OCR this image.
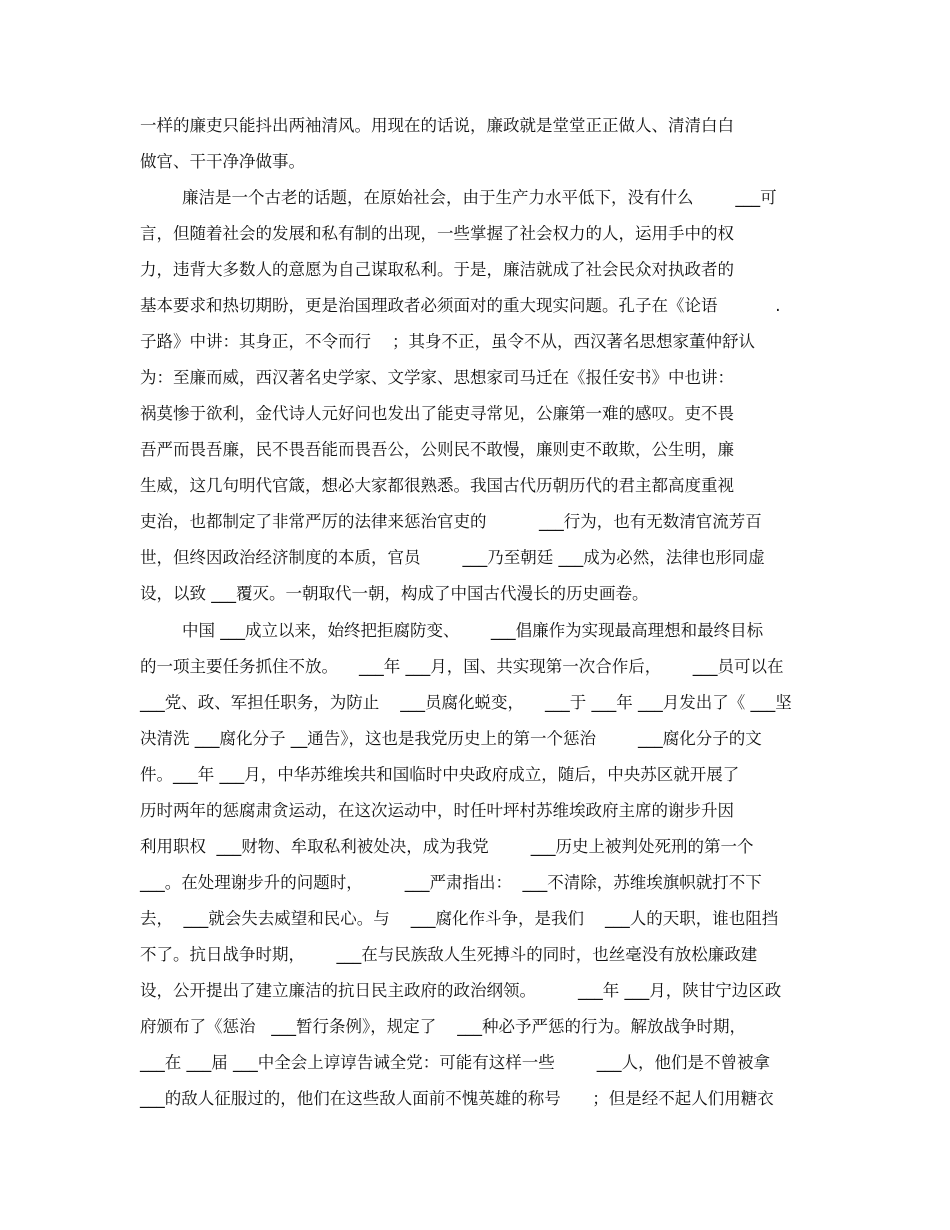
一样的廉吏只能抖出两袖清风。用现在的话说，廉政就是堂堂正正做人、清清白白
做官、干干净净做事。
廉洁是一个古老的话题，在原始社会，由于生产力水平低下，没有什么        ___可
言，但随着社会的发展和私有制的出现，一些掌握了社会权力的人，运用手中的权
力，违背大多数人的意愿为自己谋取私利。于是，廉洁就成了社会民众对执政者的
基本要求和热切期盼，更是治国理政者必须面对的重大现实问题。孔子在《论语           .
子路》中讲：其身正，不令而行    ；其身不正，虽令不从，西汉著名思想家董仲舒认
为：至廉而威，西汉著名史学家、文学家、思想家司马迁在《报任安书》中也讲：
祸莫惨于欲利，金代诗人元好问也发出了能吏寻常见，公廉第一难的感叹。吏不畏
吾严而畏吾廉，民不畏吾能而畏吾公，公则民不敢慢，廉则吏不敢欺，公生明，廉
生威，这几句明代官箴，想必大家都很熟悉。我国古代历朝历代的君主都高度重视
吏治，也都制定了非常严厉的法律来惩治官吏的          ___行为，也有无数清官流芳百
世，但终因政治经济制度的本质，官员        ___乃至朝廷 ___成为必然，法律也形同虚
设，以致 ___覆灭。一朝取代一朝，构成了中国古代漫长的历史画卷。
中国 ___成立以来，始终把拒腐防变、      ___倡廉作为实现最高理想和最终目标
的一项主要任务抓住不放。    ___年 ___月，国、共实现第一次合作后，      ___员可以在
___党、政、军担任职务，为防止    ___员腐化蜕变，    ___于 ___年 ___月发出了《 ___坚
决清洗 ___腐化分子 __通告》，这也是我党历史上的第一个惩治        ___腐化分子的文
件。___年 ___月，中华苏维埃共和国临时中央政府成立，随后，中央苏区就开展了
历时两年的惩腐肃贪运动，在这次运动中，时任叶坪村苏维埃政府主席的谢步升因
利用职权  ___财物、牟取私利被处决，成为我党        ___历史上被判处死刑的第一个
___。在处理谢步升的问题时，        ___严肃指出：  ___不清除，苏维埃旗帜就打不下
去，  ___就会失去威望和民心。与    ___腐化作斗争，是我们    ___人的天职，谁也阻挡
不了。抗日战争时期，      ___在与民族敌人生死搏斗的同时，也丝毫没有放松廉政建
设，公开提出了建立廉洁的抗日民主政府的政治纲领。        ___年 ___月，陕甘宁边区政
府颁布了《惩治   ___暂行条例》，规定了    ___种必予严惩的行为。解放战争时期，
___在 ___届 ___中全会上谆谆告诫全党：可能有这样一些        ___人，他们是不曾被拿
___的敌人征服过的，他们在这些敌人面前不愧英雄的称号      ；但是经不起人们用糖衣
